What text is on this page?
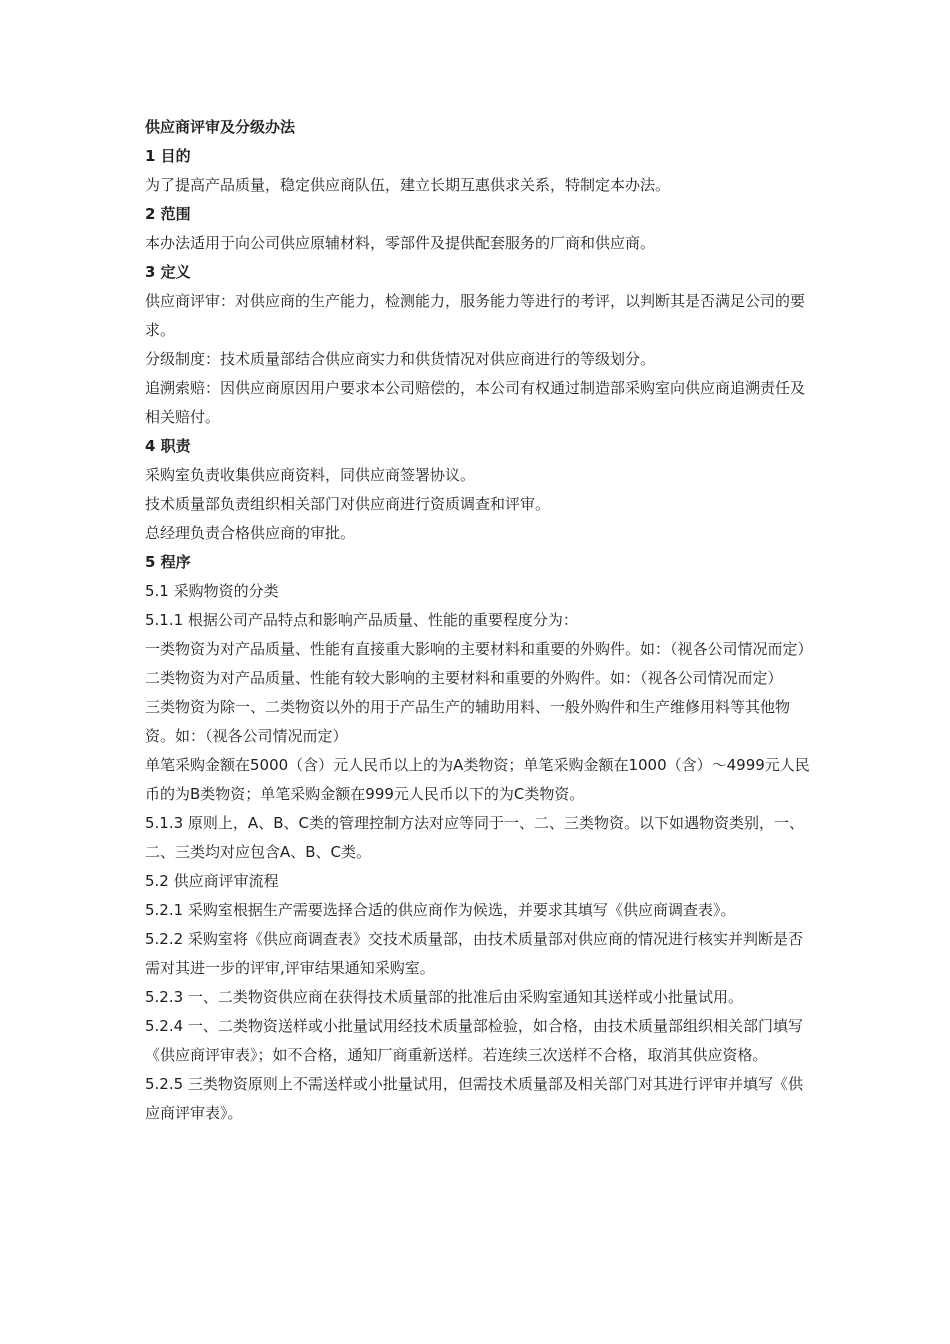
供应商评审及分级办法
1 目的
为了提高产品质量，稳定供应商队伍，建立长期互惠供求关系，特制定本办法。
2 范围
本办法适用于向公司供应原辅材料，零部件及提供配套服务的厂商和供应商。
3 定义
供应商评审：对供应商的生产能力，检测能力，服务能力等进行的考评，以判断其是否满足公司的要求。
分级制度：技术质量部结合供应商实力和供货情况对供应商进行的等级划分。
追溯索赔：因供应商原因用户要求本公司赔偿的，本公司有权通过制造部采购室向供应商追溯责任及相关赔付。
4 职责
采购室负责收集供应商资料，同供应商签署协议。
技术质量部负责组织相关部门对供应商进行资质调查和评审。
总经理负责合格供应商的审批。
5 程序
5.1 采购物资的分类
5.1.1 根据公司产品特点和影响产品质量、性能的重要程度分为：
一类物资为对产品质量、性能有直接重大影响的主要材料和重要的外购件。如：（视各公司情况而定）
二类物资为对产品质量、性能有较大影响的主要材料和重要的外购件。如：（视各公司情况而定）
三类物资为除一、二类物资以外的用于产品生产的辅助用料、一般外购件和生产维修用料等其他物资。如：（视各公司情况而定）
单笔采购金额在5000（含）元人民币以上的为A类物资；单笔采购金额在1000（含）～4999元人民币的为B类物资；单笔采购金额在999元人民币以下的为C类物资。
5.1.3 原则上，A、B、C类的管理控制方法对应等同于一、二、三类物资。以下如遇物资类别，一、二、三类均对应包含A、B、C类。
5.2 供应商评审流程
5.2.1 采购室根据生产需要选择合适的供应商作为候选，并要求其填写《供应商调查表》。
5.2.2 采购室将《供应商调查表》交技术质量部，由技术质量部对供应商的情况进行核实并判断是否需对其进一步的评审,评审结果通知采购室。
5.2.3 一、二类物资供应商在获得技术质量部的批准后由采购室通知其送样或小批量试用。
5.2.4 一、二类物资送样或小批量试用经技术质量部检验，如合格，由技术质量部组织相关部门填写《供应商评审表》；如不合格，通知厂商重新送样。若连续三次送样不合格，取消其供应资格。
5.2.5 三类物资原则上不需送样或小批量试用，但需技术质量部及相关部门对其进行评审并填写《供应商评审表》。
